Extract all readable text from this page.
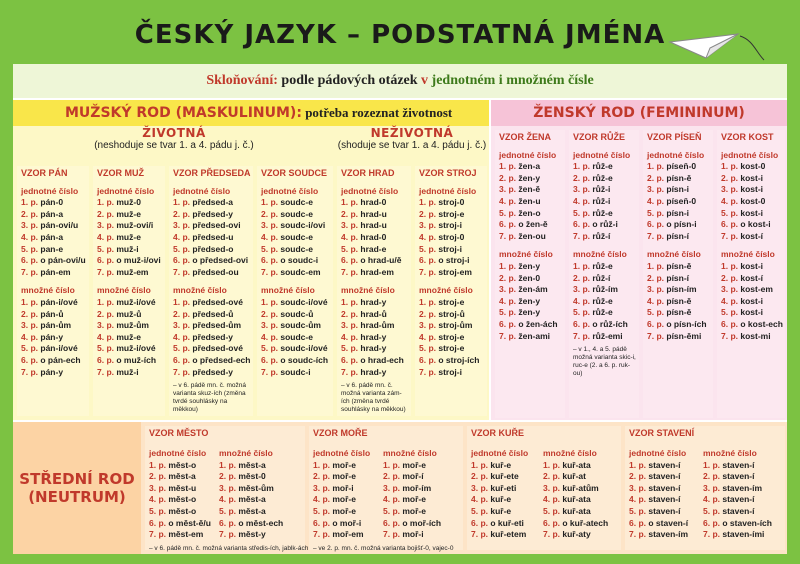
ČESKÝ JAZYK – PODSTATNÁ JMÉNA
Skloňování: podle pádových otázek v jednotném i množném čísle
MUŽSKÝ ROD (MASKULINUM): potřeba rozeznat životnost
ŽIVOTNÁ
(neshoduje se tvar 1. a 4. pádu j. č.)
NEŽIVOTNÁ
(shoduje se tvar 1. a 4. pádu j. č.)
ŽENSKÝ ROD (FEMININUM)
STŘEDNÍ ROD
(NEUTRUM)
VZOR PÁN
jednotné číslo
1. p. pán-0
2. p. pán-a
3. p. pán-ovi/u
4. p. pán-a
5. p. pan-e
6. p. o pán-ovi/u
7. p. pán-em
množné číslo
1. p. pán-i/ové
2. p. pán-ů
3. p. pán-ům
4. p. pán-y
5. p. pán-i/ové
6. p. o pán-ech
7. p. pán-y
VZOR MUŽ
jednotné číslo
1. p. muž-0
2. p. muž-e
3. p. muž-ovi/i
4. p. muž-e
5. p. muž-i
6. p. o muž-i/ovi
7. p. muž-em
množné číslo
1. p. muž-i/ové
2. p. muž-ů
3. p. muž-ům
4. p. muž-e
5. p. muž-i/ové
6. p. o muž-ích
7. p. muž-i
VZOR PŘEDSEDA
jednotné číslo
1. p. předsed-a
2. p. předsed-y
3. p. předsed-ovi
4. p. předsed-u
5. p. předsed-o
6. p. o předsed-ovi
7. p. předsed-ou
množné číslo
1. p. předsed-ové
2. p. předsed-ů
3. p. předsed-ům
4. p. předsed-y
5. p. předsed-ové
6. p. o předsed-ech
7. p. předsed-y
– v 6. pádě mn. č. možná varianta skuz-ích (změna tvrdé souhlásky na měkkou)
VZOR SOUDCE
jednotné číslo
1. p. soudc-e
2. p. soudc-e
3. p. soudc-i/ovi
4. p. soudc-e
5. p. soudc-e
6. p. o soudc-i
7. p. soudc-em
množné číslo
1. p. soudc-i/ové
2. p. soudc-ů
3. p. soudc-ům
4. p. soudc-e
5. p. soudc-i/ové
6. p. o soudc-ích
7. p. soudc-i
VZOR HRAD
jednotné číslo
1. p. hrad-0
2. p. hrad-u
3. p. hrad-u
4. p. hrad-0
5. p. hrad-e
6. p. o hrad-u/ě
7. p. hrad-em
množné číslo
1. p. hrad-y
2. p. hrad-ů
3. p. hrad-ům
4. p. hrad-y
5. p. hrad-y
6. p. o hrad-ech
7. p. hrad-y
– v 6. pádě mn. č. možná varianta zám-ích (změna tvrdé souhlásky na měkkou)
VZOR STROJ
jednotné číslo
1. p. stroj-0
2. p. stroj-e
3. p. stroj-i
4. p. stroj-0
5. p. stroj-i
6. p. o stroj-i
7. p. stroj-em
množné číslo
1. p. stroj-e
2. p. stroj-ů
3. p. stroj-ům
4. p. stroj-e
5. p. stroj-e
6. p. o stroj-ích
7. p. stroj-i
VZOR ŽENA
jednotné číslo
1. p. žen-a
2. p. žen-y
3. p. žen-ě
4. p. žen-u
5. p. žen-o
6. p. o žen-ě
7. p. žen-ou
množné číslo
1. p. žen-y
2. p. žen-0
3. p. žen-ám
4. p. žen-y
5. p. žen-y
6. p. o žen-ách
7. p. žen-ami
VZOR RŮŽE
jednotné číslo
1. p. růž-e
2. p. růž-e
3. p. růž-i
4. p. růž-i
5. p. růž-e
6. p. o růž-i
7. p. růž-í
množné číslo
1. p. růž-e
2. p. růž-í
3. p. růž-ím
4. p. růž-e
5. p. růž-e
6. p. o růž-ích
7. p. růž-emi
– v 1., 4. a 5. pádě možná varianta skic-i, ruc-e (2. a 6. p. ruk-ou)
VZOR PÍSEŇ
jednotné číslo
1. p. píseň-0
2. p. písn-ě
3. p. písn-i
4. p. píseň-0
5. p. písn-i
6. p. o písn-i
7. p. písn-í
množné číslo
1. p. písn-ě
2. p. písn-í
3. p. písn-ím
4. p. písn-ě
5. p. písn-ě
6. p. o písn-ích
7. p. písn-ěmi
VZOR KOST
jednotné číslo
1. p. kost-0
2. p. kost-i
3. p. kost-i
4. p. kost-0
5. p. kost-i
6. p. o kost-i
7. p. kost-í
množné číslo
1. p. kost-i
2. p. kost-í
3. p. kost-em
4. p. kost-i
5. p. kost-i
6. p. o kost-ech
7. p. kost-mi
VZOR MĚSTO
jednotné číslo
1. p. měst-o
2. p. měst-a
3. p. měst-u
4. p. měst-o
5. p. měst-o
6. p. o měst-ě/u
7. p. měst-em
– v 6. pádě mn. č. možná varianta středis-ích, jablk-ách
množné číslo
1. p. měst-a
2. p. měst-0
3. p. měst-ům
4. p. měst-a
5. p. měst-a
6. p. o měst-ech
7. p. měst-y
VZOR MOŘE
jednotné číslo
1. p. moř-e
2. p. moř-e
3. p. moř-i
4. p. moř-e
5. p. moř-e
6. p. o moř-i
7. p. moř-em
– ve 2. p. mn. č. možná varianta bojišť-0, vajec-0
množné číslo
1. p. moř-e
2. p. moř-í
3. p. moř-ím
4. p. moř-e
5. p. moř-e
6. p. o moř-ích
7. p. moř-i
VZOR KUŘE
jednotné číslo
1. p. kuř-e
2. p. kuř-ete
3. p. kuř-eti
4. p. kuř-e
5. p. kuř-e
6. p. o kuř-eti
7. p. kuř-etem
množné číslo
1. p. kuř-ata
2. p. kuř-at
3. p. kuř-atům
4. p. kuř-ata
5. p. kuř-ata
6. p. o kuř-atech
7. p. kuř-aty
VZOR STAVENÍ
jednotné číslo
1. p. staven-í
2. p. staven-í
3. p. staven-í
4. p. staven-í
5. p. staven-í
6. p. o staven-í
7. p. staven-ím
množné číslo
1. p. staven-í
2. p. staven-í
3. p. staven-ím
4. p. staven-í
5. p. staven-í
6. p. o staven-ích
7. p. staven-ími
